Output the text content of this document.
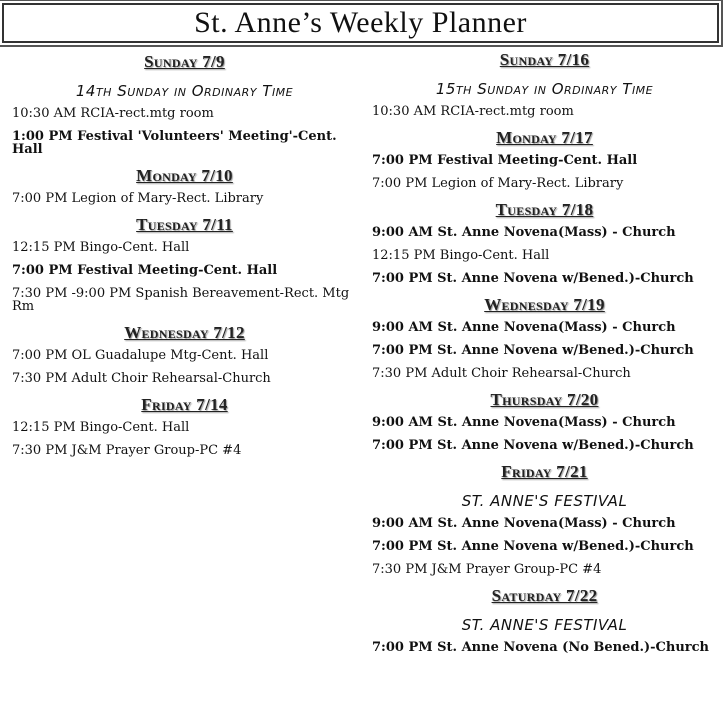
St. Anne’s Weekly Planner
Sunday 7/9
14th Sunday in Ordinary Time
10:30 AM RCIA-rect.mtg room
1:00 PM Festival 'Volunteers' Meeting'-Cent. Hall
Monday 7/10
7:00 PM Legion of Mary-Rect. Library
Tuesday 7/11
12:15 PM Bingo-Cent. Hall
7:00 PM Festival Meeting-Cent. Hall
7:30 PM -9:00 PM Spanish Bereavement-Rect. Mtg Rm
Wednesday 7/12
7:00 PM OL Guadalupe Mtg-Cent. Hall
7:30 PM Adult Choir Rehearsal-Church
Friday 7/14
12:15 PM Bingo-Cent. Hall
7:30 PM J&M Prayer Group-PC #4
Sunday 7/16
15th Sunday in Ordinary Time
10:30 AM RCIA-rect.mtg room
Monday 7/17
7:00 PM Festival Meeting-Cent. Hall
7:00 PM Legion of Mary-Rect. Library
Tuesday 7/18
9:00 AM St. Anne Novena(Mass) - Church
12:15 PM Bingo-Cent. Hall
7:00 PM St. Anne Novena w/Bened.)-Church
Wednesday 7/19
9:00 AM St. Anne Novena(Mass) - Church
7:00 PM St. Anne Novena w/Bened.)-Church
7:30 PM Adult Choir Rehearsal-Church
Thursday 7/20
9:00 AM St. Anne Novena(Mass) - Church
7:00 PM St. Anne Novena w/Bened.)-Church
Friday 7/21
ST. ANNE'S FESTIVAL
9:00 AM St. Anne Novena(Mass) - Church
7:00 PM St. Anne Novena w/Bened.)-Church
7:30 PM J&M Prayer Group-PC #4
Saturday 7/22
ST. ANNE'S FESTIVAL
7:00 PM St. Anne Novena (No Bened.)-Church
